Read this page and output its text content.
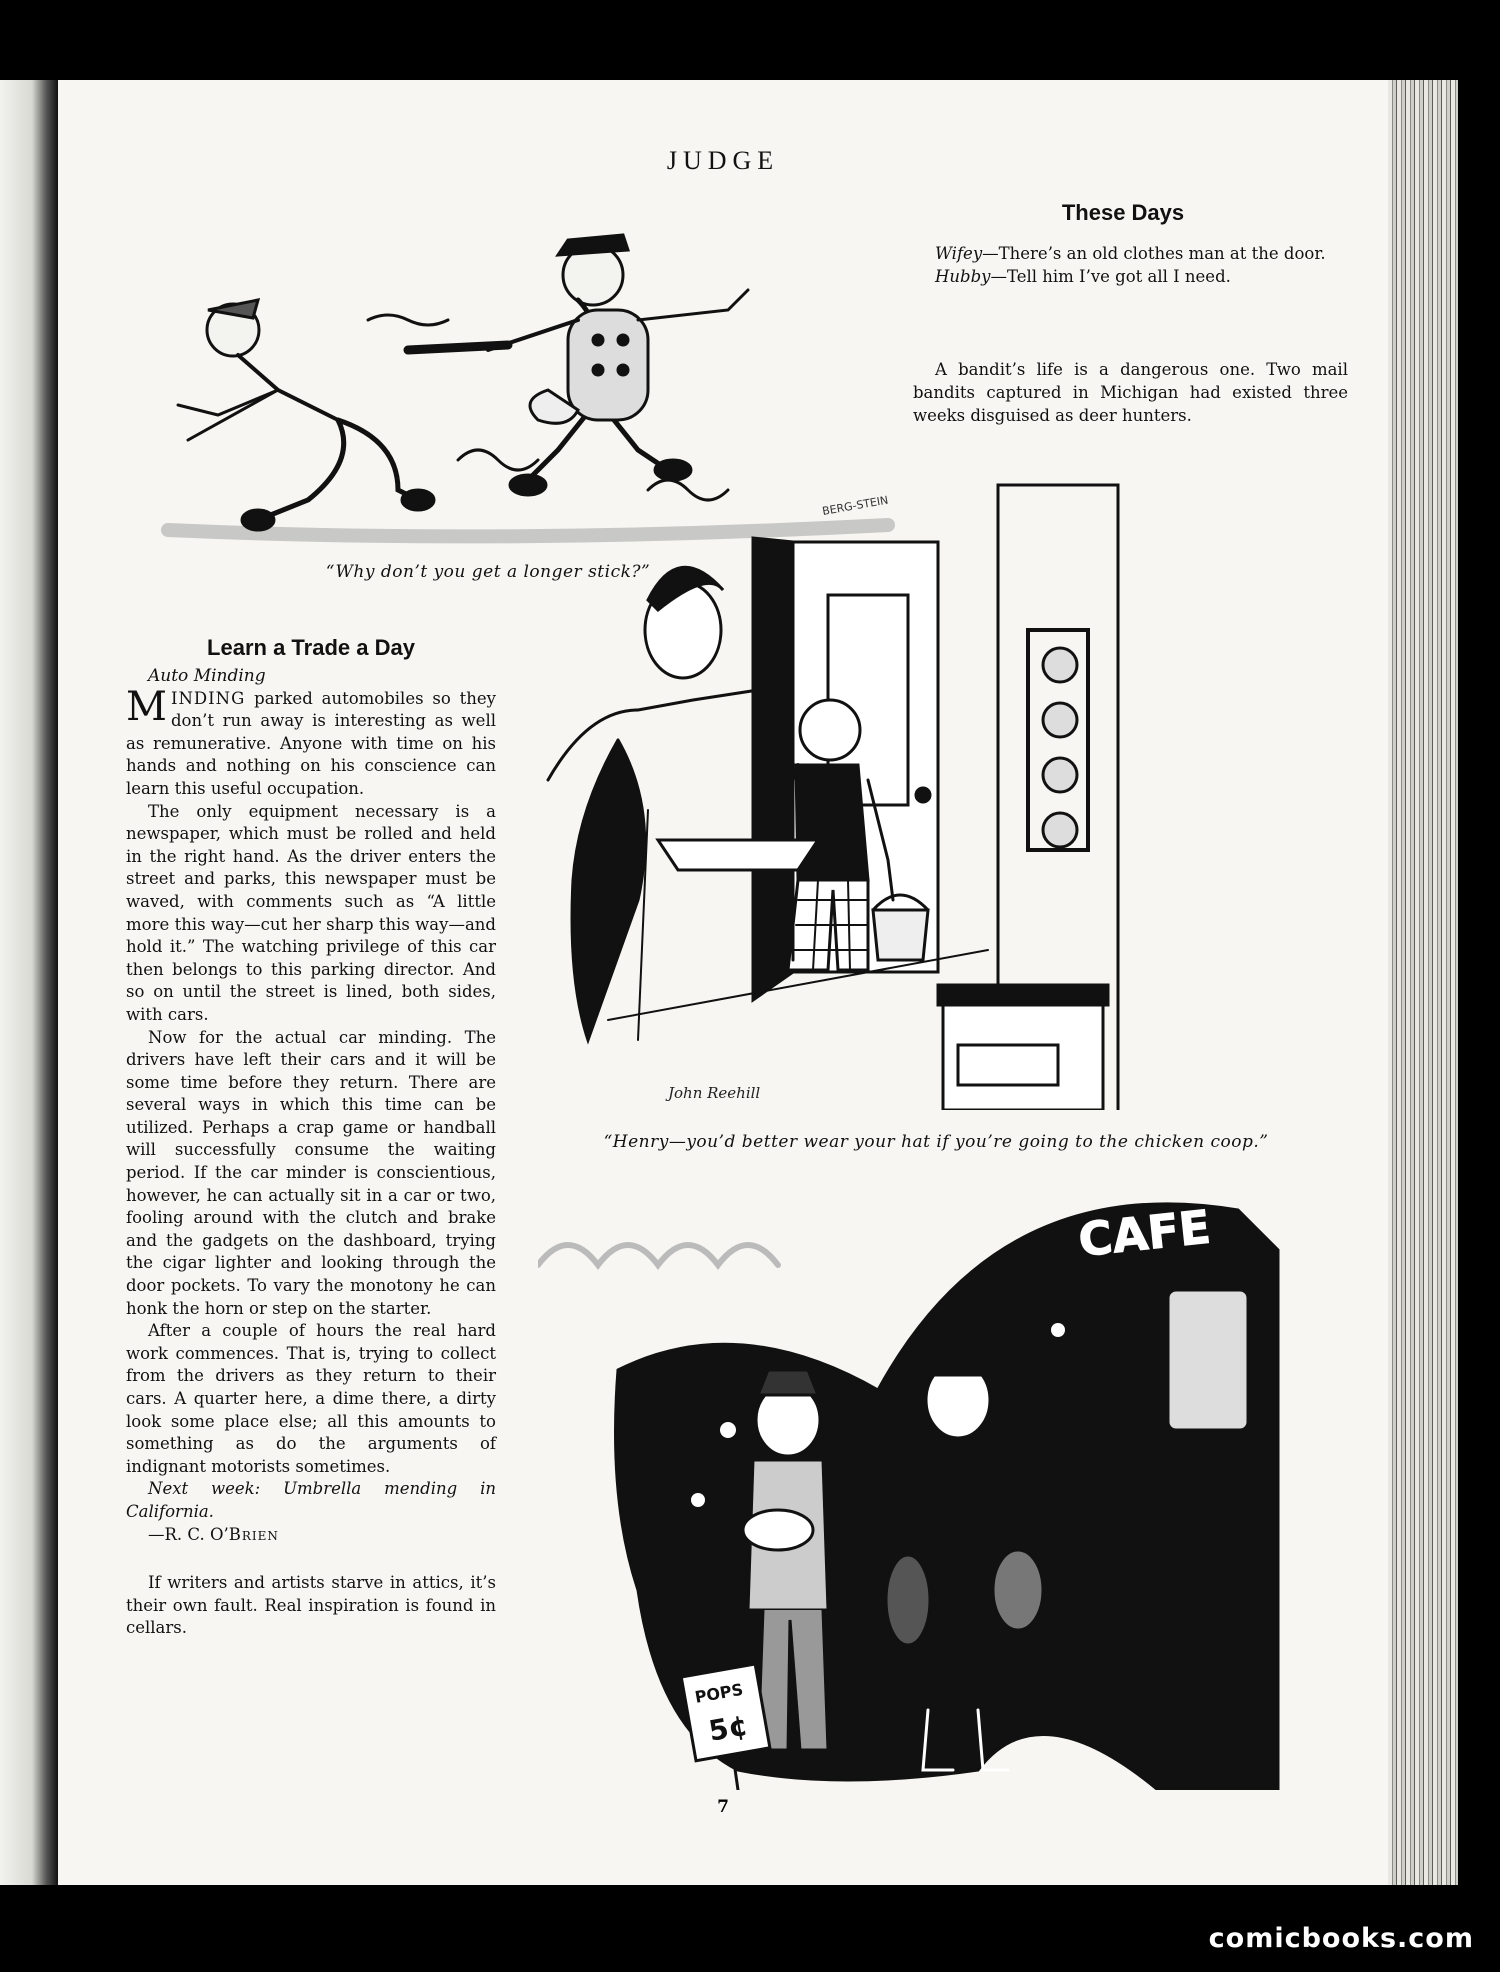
JUDGE
BERG-STEIN
“Why don’t you get a longer stick?”
These Days

Wifey—There’s an old clothes man at the door.
Hubby—Tell him I’ve got all I need.

A bandit’s life is a dangerous one. Two mail bandits captured in Michigan had existed three weeks disguised as deer hunters.

Learn a Trade a Day

Auto Minding

MINDING parked automobiles so they don’t run away is interesting as well as remunerative. Anyone with time on his hands and nothing on his conscience can learn this useful occupation.

The only equipment necessary is a newspaper, which must be rolled and held in the right hand. As the driver enters the street and parks, this newspaper must be waved, with comments such as “A little more this way—cut her sharp this way—and hold it.” The watching privilege of this car then belongs to this parking director. And so on until the street is lined, both sides, with cars.

Now for the actual car minding. The drivers have left their cars and it will be some time before they return. There are several ways in which this time can be utilized. Perhaps a crap game or handball will successfully consume the waiting period. If the car minder is conscientious, however, he can actually sit in a car or two, fooling around with the clutch and brake and the gadgets on the dashboard, trying the cigar lighter and looking through the door pockets. To vary the monotony he can honk the horn or step on the starter.

After a couple of hours the real hard work commences. That is, trying to collect from the drivers as they return to their cars. A quarter here, a dime there, a dirty look some place else; all this amounts to something as do the arguments of indignant motorists sometimes.

Next week: Umbrella mending in California.

—R. C. O’Brien

If writers and artists starve in attics, it’s their own fault. Real inspiration is found in cellars.

John Reehill
“Henry—you’d better wear your hat if you’re going to the chicken coop.”
CAFE
POPS
5¢
Graham
7
comicbooks.com
